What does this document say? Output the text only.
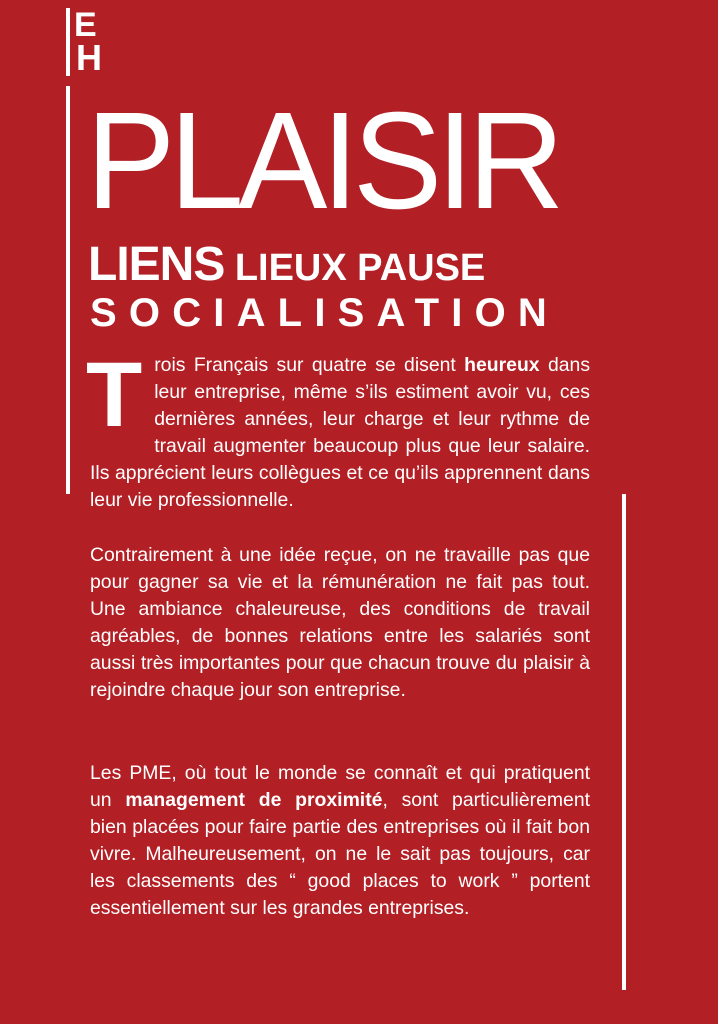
E
H
PLAISIR
LIENS LIEUX PAUSE
SOCIALISATION

Trois Français sur quatre se disent heureux dans leur entreprise, même s’ils estiment avoir vu, ces dernières années, leur charge et leur rythme de travail augmenter beaucoup plus que leur salaire. Ils apprécient leurs collègues et ce qu’ils apprennent dans leur vie professionnelle.

Contrairement à une idée reçue, on ne travaille pas que pour gagner sa vie et la rémunération ne fait pas tout. Une ambiance chaleureuse, des conditions de travail agréables, de bonnes relations entre les salariés sont aussi très importantes pour que chacun trouve du plaisir à rejoindre chaque jour son entreprise.

Les PME, où tout le monde se connaît et qui pratiquent un management de proximité, sont particulièrement bien placées pour faire partie des entreprises où il fait bon vivre. Malheureusement, on ne le sait pas toujours, car les classements des “ good places to work ” portent essentiellement sur les grandes entreprises.
